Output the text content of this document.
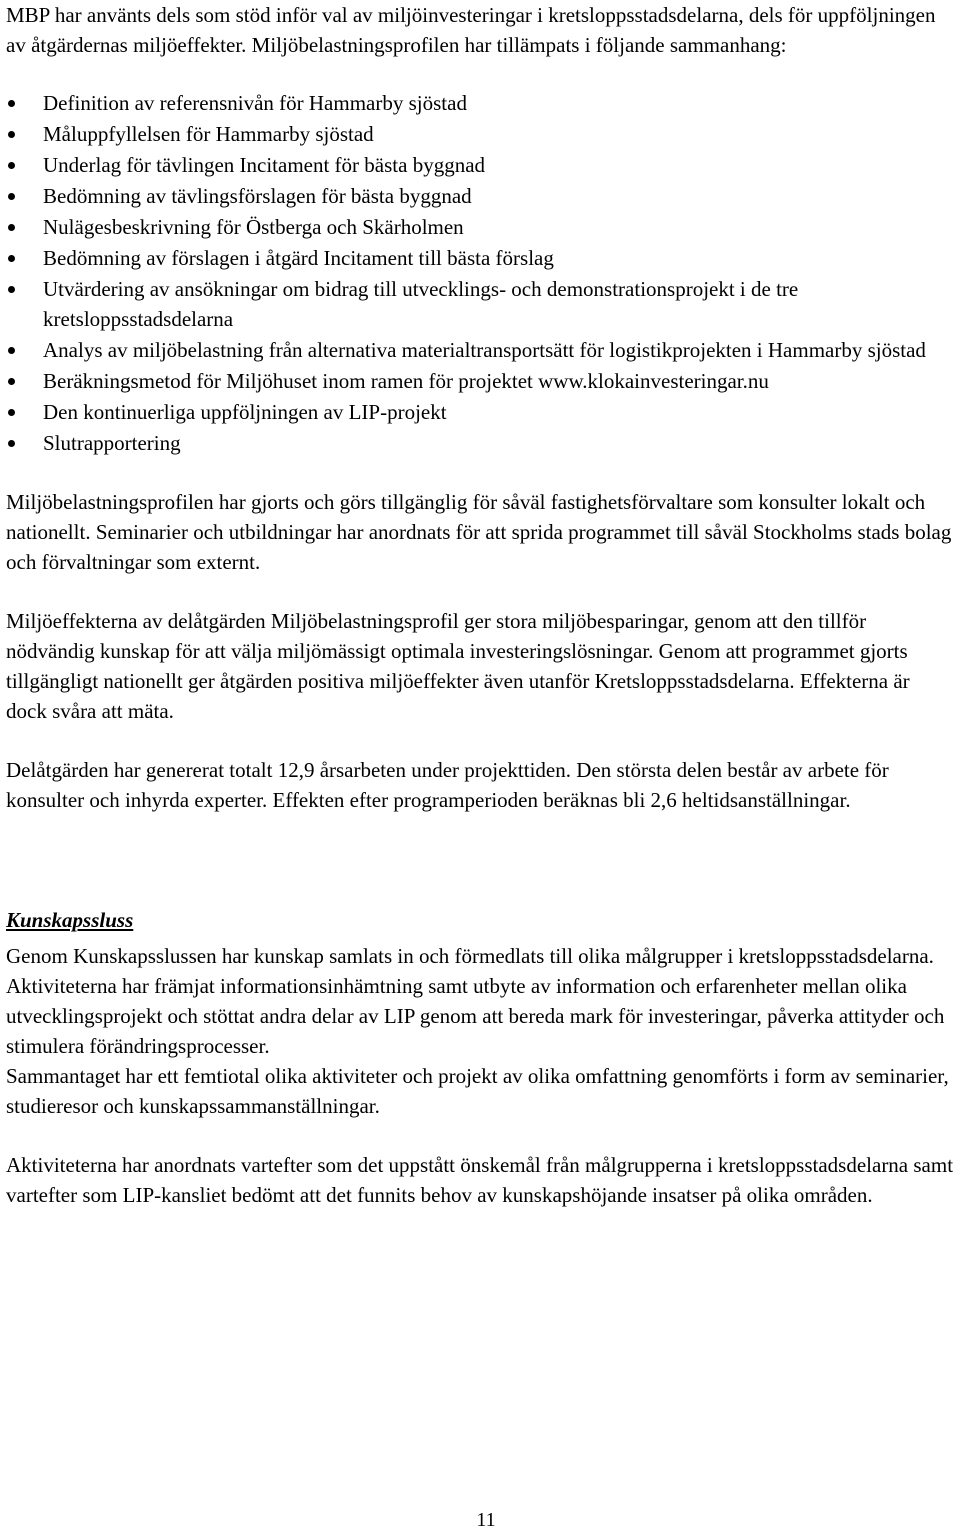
MBP har använts dels som stöd inför val av miljöinvesteringar i kretsloppsstadsdelarna, dels för uppföljningen av åtgärdernas miljöeffekter. Miljöbelastningsprofilen har tillämpats i följande sammanhang:

Definition av referensnivån för Hammarby sjöstad
Måluppfyllelsen för Hammarby sjöstad
Underlag för tävlingen Incitament för bästa byggnad
Bedömning av tävlingsförslagen för bästa byggnad
Nulägesbeskrivning för Östberga och Skärholmen
Bedömning av förslagen i åtgärd Incitament till bästa förslag
Utvärdering av ansökningar om bidrag till utvecklings- och demonstrationsprojekt i de tre kretsloppsstadsdelarna
Analys av miljöbelastning från alternativa materialtransportsätt för logistikprojekten i Hammarby sjöstad
Beräkningsmetod för Miljöhuset inom ramen för projektet www.klokainvesteringar.nu
Den kontinuerliga uppföljningen av LIP-projekt
Slutrapportering

Miljöbelastningsprofilen har gjorts och görs tillgänglig för såväl fastighetsförvaltare som konsulter lokalt och nationellt. Seminarier och utbildningar har anordnats för att sprida programmet till såväl Stockholms stads bolag och förvaltningar som externt.

Miljöeffekterna av delåtgärden Miljöbelastningsprofil ger stora miljöbesparingar, genom att den tillför nödvändig kunskap för att välja miljömässigt optimala investeringslösningar. Genom att programmet gjorts tillgängligt nationellt ger åtgärden positiva miljöeffekter även utanför Kretsloppsstadsdelarna. Effekterna är dock svåra att mäta.

Delåtgärden har genererat totalt 12,9 årsarbeten under projekttiden. Den största delen består av arbete för konsulter och inhyrda experter. Effekten efter programperioden beräknas bli 2,6 heltidsanställningar.

Kunskapssluss

Genom Kunskapsslussen har kunskap samlats in och förmedlats till olika målgrupper i kretsloppsstadsdelarna. Aktiviteterna har främjat informationsinhämtning samt utbyte av information och erfarenheter mellan olika utvecklingsprojekt och stöttat andra delar av LIP genom att bereda mark för investeringar, påverka attityder och stimulera förändringsprocesser.

Sammantaget har ett femtiotal olika aktiviteter och projekt av olika omfattning genomförts i form av seminarier, studieresor och kunskapssammanställningar.

Aktiviteterna har anordnats vartefter som det uppstått önskemål från målgrupperna i kretsloppsstadsdelarna samt vartefter som LIP-kansliet bedömt att det funnits behov av kunskapshöjande insatser på olika områden.

11
